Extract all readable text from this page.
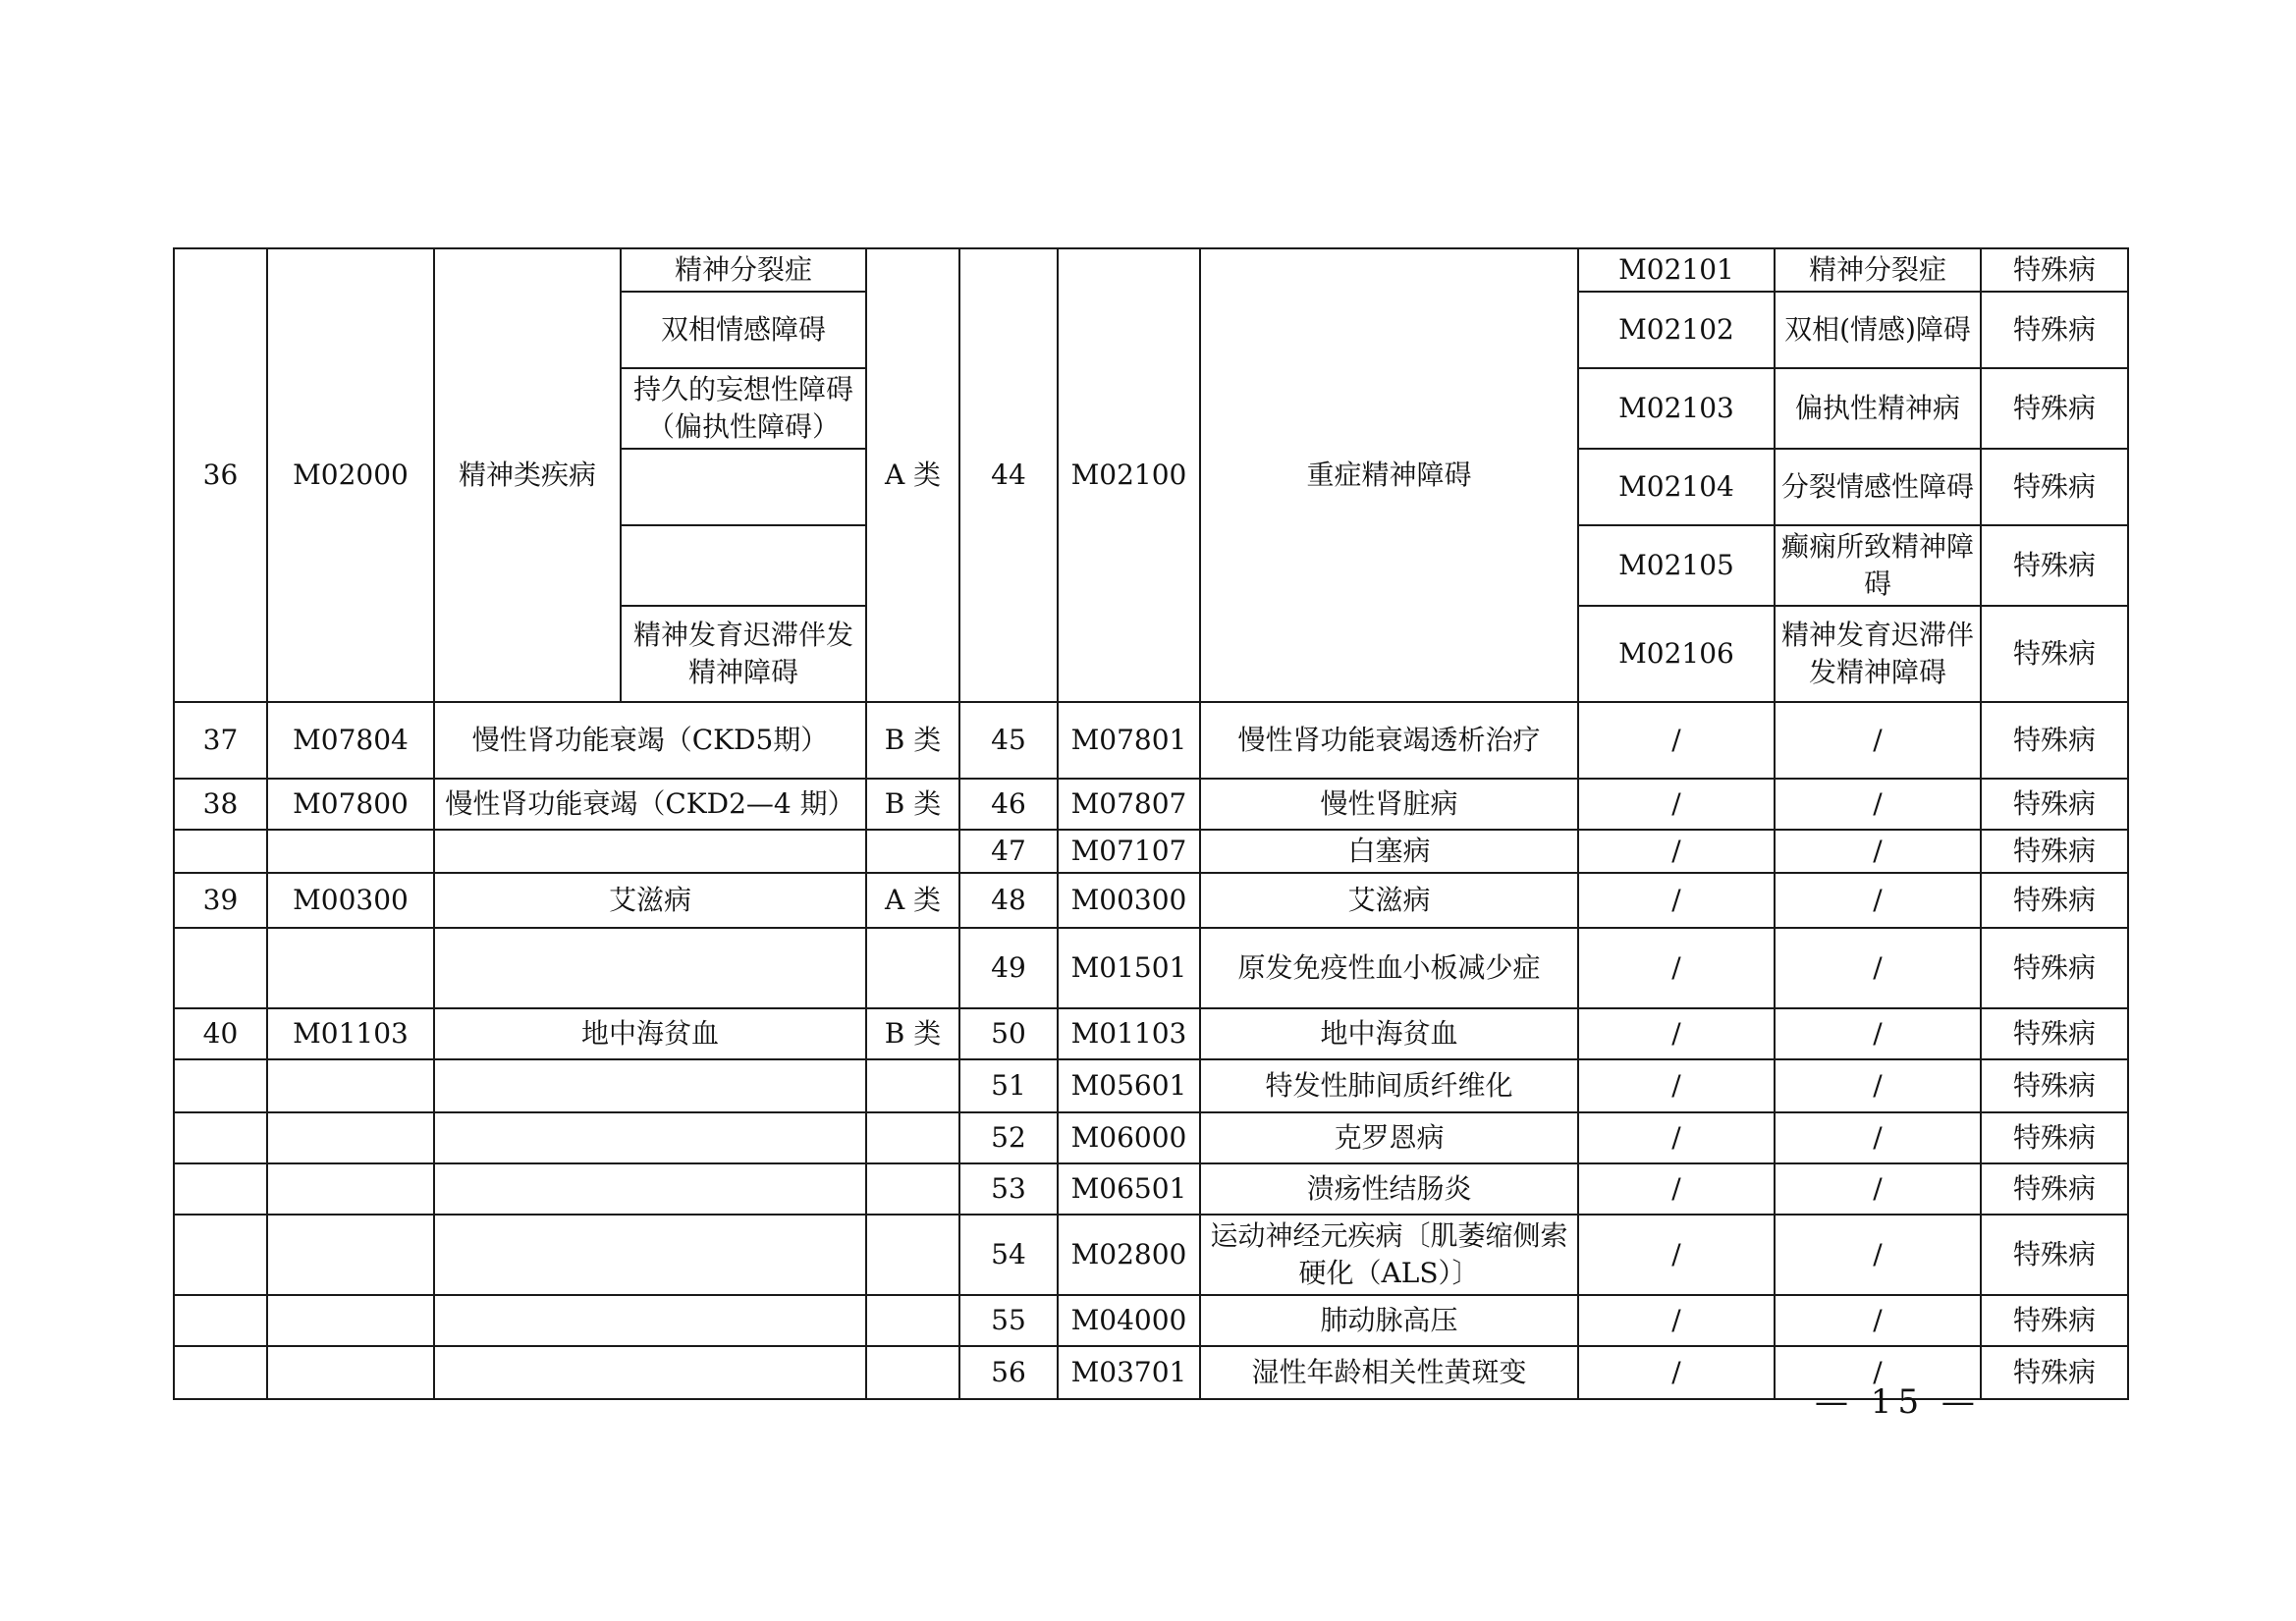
36	M02000	精神类疾病	精神分裂症	A 类	44	M02100	重症精神障碍	M02101	精神分裂症	特殊病
			双相情感障碍					M02102	双相(情感)障碍	特殊病
			持久的妄想性障碍（偏执性障碍）					M02103	偏执性精神病	特殊病
								M02104	分裂情感性障碍	特殊病
								M02105	癫痫所致精神障碍	特殊病
			精神发育迟滞伴发精神障碍					M02106	精神发育迟滞伴发精神障碍	特殊病
37	M07804	慢性肾功能衰竭（CKD5期）		B 类	45	M07801	慢性肾功能衰竭透析治疗	/	/	特殊病
38	M07800	慢性肾功能衰竭（CKD2—4 期）		B 类	46	M07807	慢性肾脏病	/	/	特殊病
					47	M07107	白塞病	/	/	特殊病
39	M00300	艾滋病		A 类	48	M00300	艾滋病	/	/	特殊病
					49	M01501	原发免疫性血小板减少症	/	/	特殊病
40	M01103	地中海贫血		B 类	50	M01103	地中海贫血	/	/	特殊病
					51	M05601	特发性肺间质纤维化	/	/	特殊病
					52	M06000	克罗恩病	/	/	特殊病
					53	M06501	溃疡性结肠炎	/	/	特殊病
					54	M02800	运动神经元疾病〔肌萎缩侧索硬化（ALS）〕	/	/	特殊病
					55	M04000	肺动脉高压	/	/	特殊病
					56	M03701	湿性年龄相关性黄斑变	/	/	特殊病
— 15 —
